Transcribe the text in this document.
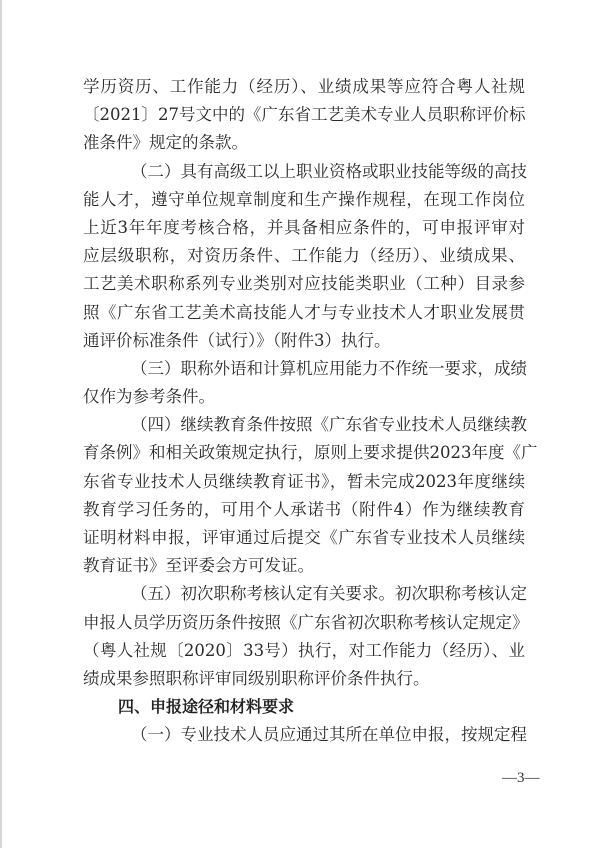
学历资历、工作能力（经历）、业绩成果等应符合粤人社规
〔2021〕27号文中的《广东省工艺美术专业人员职称评价标
准条件》规定的条款。
（二）具有高级工以上职业资格或职业技能等级的高技
能人才，遵守单位规章制度和生产操作规程，在现工作岗位
上近3年年度考核合格，并具备相应条件的，可申报评审对
应层级职称，对资历条件、工作能力（经历）、业绩成果、
工艺美术职称系列专业类别对应技能类职业（工种）目录参
照《广东省工艺美术高技能人才与专业技术人才职业发展贯
通评价标准条件（试行）》（附件3）执行。
（三）职称外语和计算机应用能力不作统一要求，成绩
仅作为参考条件。
（四）继续教育条件按照《广东省专业技术人员继续教
育条例》和相关政策规定执行，原则上要求提供2023年度《广
东省专业技术人员继续教育证书》，暂未完成2023年度继续
教育学习任务的，可用个人承诺书（附件4）作为继续教育
证明材料申报，评审通过后提交《广东省专业技术人员继续
教育证书》至评委会方可发证。
（五）初次职称考核认定有关要求。初次职称考核认定
申报人员学历资历条件按照《广东省初次职称考核认定规定》
（粤人社规〔2020〕33号）执行，对工作能力（经历）、业
绩成果参照职称评审同级别职称评价条件执行。
四、申报途径和材料要求
（一）专业技术人员应通过其所在单位申报，按规定程
—3—
